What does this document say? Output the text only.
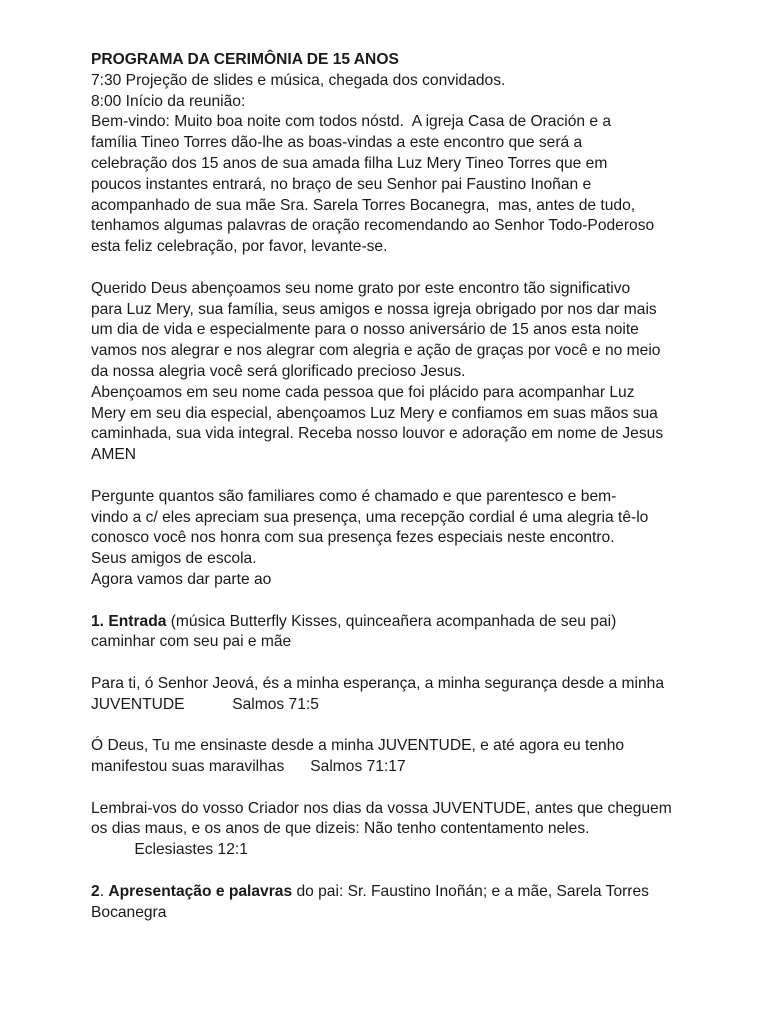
PROGRAMA DA CERIMÔNIA DE 15 ANOS

7:30 Projeção de slides e música, chegada dos convidados.

8:00 Início da reunião:

Bem-vindo: Muito boa noite com todos nóstd.  A igreja Casa de Oración e a

família Tineo Torres dão-lhe as boas-vindas a este encontro que será a

celebração dos 15 anos de sua amada filha Luz Mery Tineo Torres que em

poucos instantes entrará, no braço de seu Senhor pai Faustino Inoñan e

acompanhado de sua mãe Sra. Sarela Torres Bocanegra,  mas, antes de tudo,

tenhamos algumas palavras de oração recomendando ao Senhor Todo-Poderoso

esta feliz celebração, por favor, levante-se.

Querido Deus abençoamos seu nome grato por este encontro tão significativo

para Luz Mery, sua família, seus amigos e nossa igreja obrigado por nos dar mais

um dia de vida e especialmente para o nosso aniversário de 15 anos esta noite

vamos nos alegrar e nos alegrar com alegria e ação de graças por você e no meio

da nossa alegria você será glorificado precioso Jesus.

Abençoamos em seu nome cada pessoa que foi plácido para acompanhar Luz

Mery em seu dia especial, abençoamos Luz Mery e confiamos em suas mãos sua

caminhada, sua vida integral. Receba nosso louvor e adoração em nome de Jesus

AMEN

Pergunte quantos são familiares como é chamado e que parentesco e bem-

vindo a c/ eles apreciam sua presença, uma recepção cordial é uma alegria tê-lo

conosco você nos honra com sua presença fezes especiais neste encontro.

Seus amigos de escola.

Agora vamos dar parte ao

1. Entrada (música Butterfly Kisses, quinceañera acompanhada de seu pai)

caminhar com seu pai e mãe

Para ti, ó Senhor Jeová, és a minha esperança, a minha segurança desde a minha

JUVENTUDE           Salmos 71:5

Ó Deus, Tu me ensinaste desde a minha JUVENTUDE, e até agora eu tenho

manifestou suas maravilhas      Salmos 71:17

Lembrai-vos do vosso Criador nos dias da vossa JUVENTUDE, antes que cheguem

os dias maus, e os anos de que dizeis: Não tenho contentamento neles.

Eclesiastes 12:1

2. Apresentação e palavras do pai: Sr. Faustino Inoñán; e a mãe, Sarela Torres

Bocanegra
